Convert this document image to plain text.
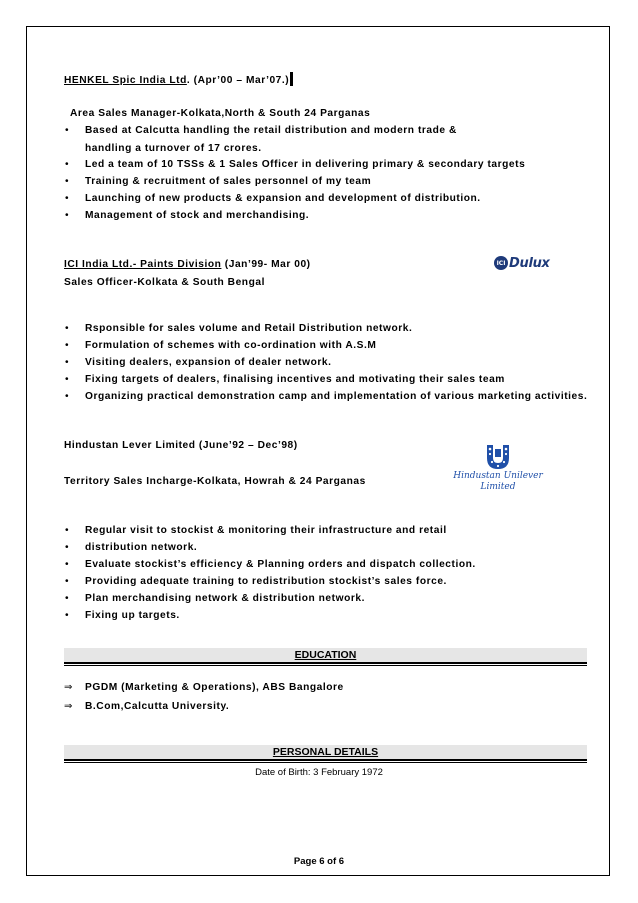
HENKEL Spic India Ltd. (Apr’00 – Mar’07.)
Area Sales Manager-Kolkata,North & South 24 Parganas
• Based at Calcutta handling the retail distribution and modern trade &
handling a turnover of 17 crores.
• Led a team of 10 TSSs & 1 Sales Officer in delivering primary & secondary targets
• Training & recruitment of sales personnel of my team
• Launching of new products & expansion and development of distribution.
• Management of stock and merchandising.
ICI India Ltd.- Paints Division (Jan’99- Mar 00)	ICI Dulux
Sales Officer-Kolkata & South Bengal
• Rsponsible for sales volume and Retail Distribution network.
• Formulation of schemes with co-ordination with A.S.M
• Visiting dealers, expansion of dealer network.
• Fixing targets of dealers, finalising incentives and motivating their sales team
• Organizing practical demonstration camp and implementation of various marketing activities.
Hindustan Lever Limited (June’92 – Dec’98)
Territory Sales Incharge-Kolkata, Howrah & 24 Parganas	Hindustan Unilever
Limited
• Regular visit to stockist & monitoring their infrastructure and retail
• distribution network.
• Evaluate stockist’s efficiency & Planning orders and dispatch collection.
• Providing adequate training to redistribution stockist’s sales force.
• Plan merchandising network & distribution network.
• Fixing up targets.
EDUCATION
⇒ PGDM (Marketing & Operations), ABS Bangalore
⇒ B.Com,Calcutta University.
PERSONAL DETAILS
Date of Birth: 3 February 1972
Page 6 of 6
